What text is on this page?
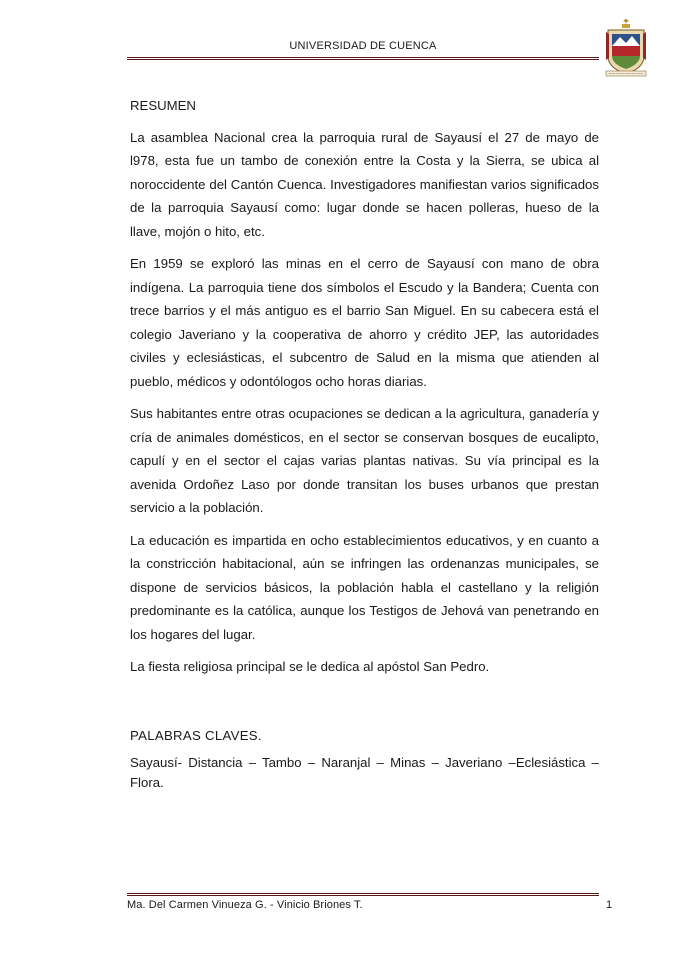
UNIVERSIDAD DE CUENCA

RESUMEN

La asamblea Nacional crea la parroquia rural de Sayausí el 27 de mayo de l978, esta fue un tambo de conexión entre la Costa y la Sierra, se ubica al noroccidente del Cantón Cuenca. Investigadores manifiestan varios significados de la parroquia Sayausí como: lugar donde se hacen polleras, hueso de la llave, mojón o hito, etc.

En 1959 se exploró las minas en el cerro de Sayausí con mano de obra indígena. La parroquia tiene dos símbolos el Escudo y la Bandera; Cuenta con trece barrios y el más antiguo es el barrio San Miguel. En su cabecera está el colegio Javeriano y la cooperativa de ahorro y crédito JEP, las autoridades civiles y eclesiásticas, el subcentro de Salud en la misma que atienden al pueblo, médicos y odontólogos ocho horas diarias.

Sus habitantes entre otras ocupaciones se dedican a la agricultura, ganadería y cría de animales domésticos, en el sector se conservan bosques de eucalipto, capulí y en el sector el cajas varias plantas nativas. Su vía principal es la avenida Ordoñez Laso por donde transitan los buses urbanos que prestan servicio a la población.

La educación es impartida en ocho establecimientos educativos, y en cuanto a la constricción habitacional, aún se infringen las ordenanzas municipales, se dispone de servicios básicos, la población habla el castellano y la religión predominante es la católica, aunque los Testigos de Jehová van penetrando en los hogares del lugar.

La fiesta religiosa principal se le dedica al apóstol San Pedro.

PALABRAS CLAVES.

Sayausí- Distancia – Tambo – Naranjal – Minas – Javeriano –Eclesiástica – Flora.

Ma. Del Carmen Vinueza G. - Vinicio Briones T.	1
